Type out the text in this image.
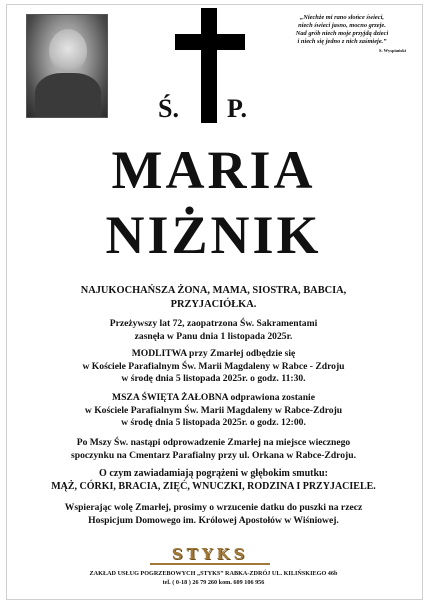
Ś. P.
„Niechże mi rano słońce świeci,
niech świeci jasno, mocno grzeje.
Nad grób niech moje przyjdą dzieci
i niech się jedno z nich zaśmieje.”
S. Wyspiański
MARIA
NIŻNIK
NAJUKOCHAŃSZA ŻONA, MAMA, SIOSTRA, BABCIA,
PRZYJACIÓŁKA.
Przeżywszy lat 72, zaopatrzona Św. Sakramentami
zasnęła w Panu dnia 1 listopada 2025r.
MODLITWA przy Zmarłej odbędzie się
w Kościele Parafialnym Św. Marii Magdaleny w Rabce - Zdroju
w środę dnia 5 listopada 2025r. o godz. 11:30.
MSZA ŚWIĘTA ŻAŁOBNA odprawiona zostanie
w Kościele Parafialnym Św. Marii Magdaleny w Rabce-Zdroju
w środę dnia 5 listopada 2025r. o godz. 12:00.
Po Mszy Św. nastąpi odprowadzenie Zmarłej na miejsce wiecznego
spoczynku na Cmentarz Parafialny przy ul. Orkana w Rabce-Zdroju.
O czym zawiadamiają pogrążeni w głębokim smutku:
MĄŻ, CÓRKI, BRACIA, ZIĘĆ, WNUCZKI, RODZINA I PRZYJACIELE.
Wspierając wolę Zmarłej, prosimy o wrzucenie datku do puszki na rzecz
Hospicjum Domowego im. Królowej Apostołów w Wiśniowej.
STYKS
ZAKŁAD USŁUG POGRZEBOWYCH „STYKS” RABKA-ZDRÓJ UL. KILIŃSKIEGO 46b
tel. ( 0-18 ) 26 79 260 kom. 609 106 956
